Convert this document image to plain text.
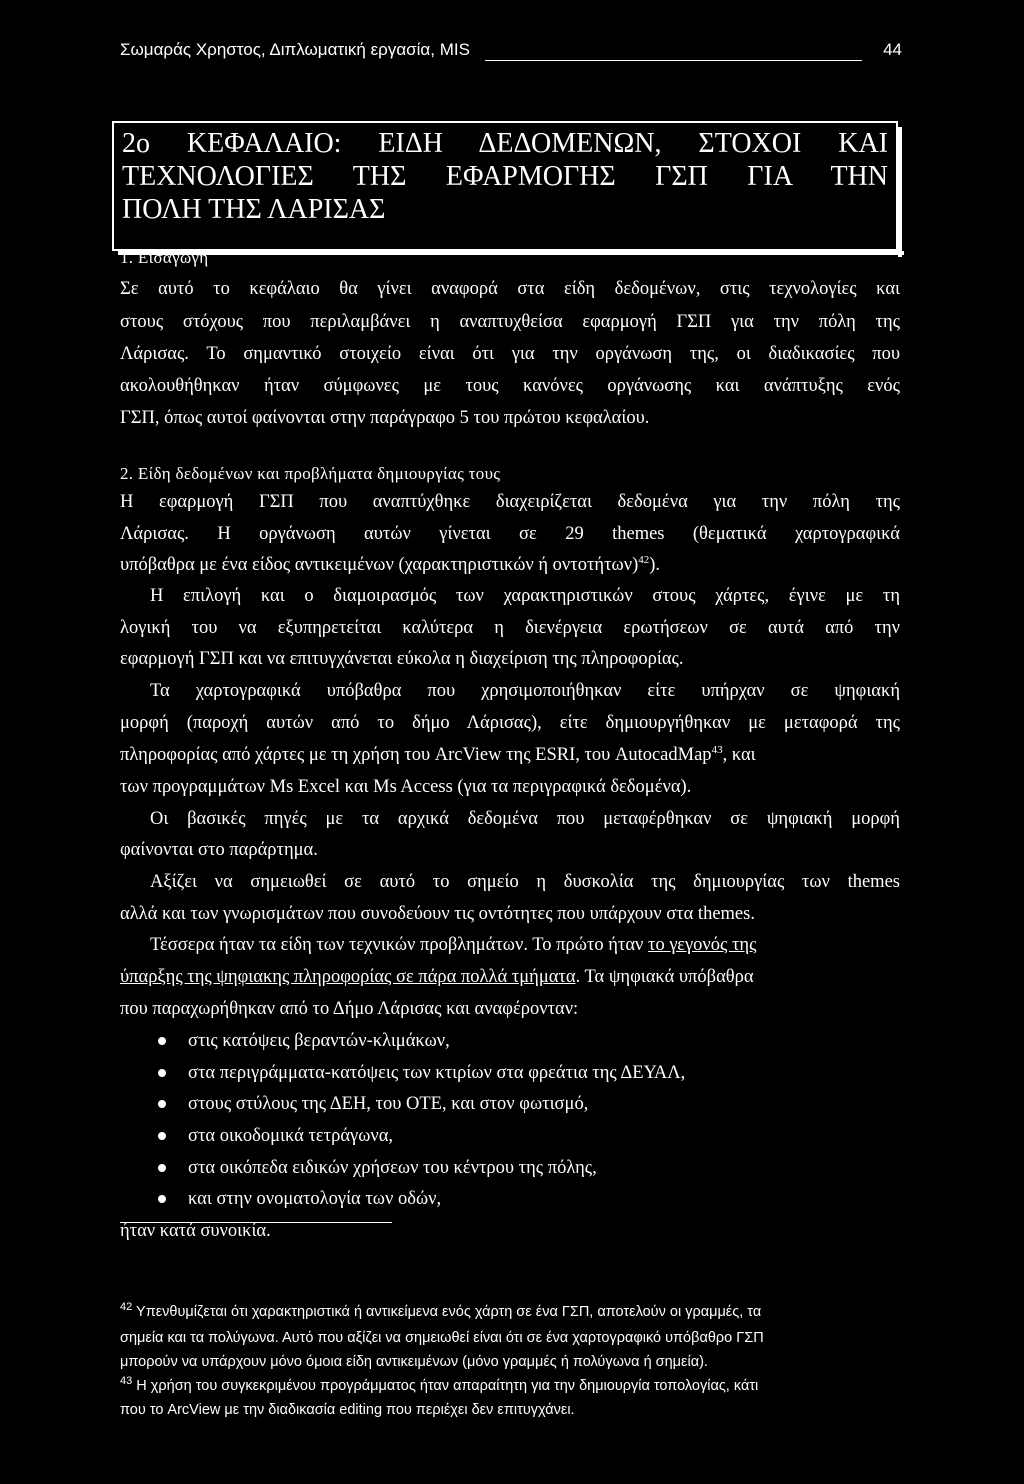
Σωμαράς Χρηστος, Διπλωματική εργασία, MIS	44
2ο ΚΕΦΑΛΑΙΟ: ΕΙΔΗ ΔΕΔΟΜΕΝΩΝ, ΣΤΟΧΟΙ ΚΑΙ
ΤΕΧΝΟΛΟΓΙΕΣ ΤΗΣ ΕΦΑΡΜΟΓΗΣ ΓΣΠ ΓΙΑ ΤΗΝ
ΠΟΛΗ ΤΗΣ ΛΑΡΙΣΑΣ
1. Εισαγωγή
Σε αυτό το κεφάλαιο θα γίνει αναφορά στα είδη δεδομένων, στις τεχνολογίες και
στους στόχους που περιλαμβάνει η αναπτυχθείσα εφαρμογή ΓΣΠ για την πόλη της
Λάρισας. Το σημαντικό στοιχείο είναι ότι για την οργάνωση της, οι διαδικασίες που
ακολουθήθηκαν ήταν σύμφωνες με τους κανόνες οργάνωσης και ανάπτυξης ενός
ΓΣΠ, όπως αυτοί φαίνονται στην παράγραφο 5 του πρώτου κεφαλαίου.
2. Είδη δεδομένων και προβλήματα δημιουργίας τους
Η εφαρμογή ΓΣΠ που αναπτύχθηκε διαχειρίζεται δεδομένα για την πόλη της
Λάρισας. Η οργάνωση αυτών γίνεται σε 29 themes (θεματικά χαρτογραφικά
υπόβαθρα με ένα είδος αντικειμένων (χαρακτηριστικών ή οντοτήτων)$^{42}$).
Η επιλογή και ο διαμοιρασμός των χαρακτηριστικών στους χάρτες, έγινε με τη
λογική του να εξυπηρετείται καλύτερα η διενέργεια ερωτήσεων σε αυτά από την
εφαρμογή ΓΣΠ και να επιτυγχάνεται εύκολα η διαχείριση της πληροφορίας.
Τα χαρτογραφικά υπόβαθρα που χρησιμοποιήθηκαν είτε υπήρχαν σε ψηφιακή
μορφή (παροχή αυτών από το δήμο Λάρισας), είτε δημιουργήθηκαν με μεταφορά της
πληροφορίας από χάρτες με τη χρήση του ArcView της ESRI, του AutocadMap$^{43}$, και
των προγραμμάτων Ms Excel και Ms Access (για τα περιγραφικά δεδομένα).
Οι βασικές πηγές με τα αρχικά δεδομένα που μεταφέρθηκαν σε ψηφιακή μορφή
φαίνονται στο παράρτημα.
Αξίζει να σημειωθεί σε αυτό το σημείο η δυσκολία της δημιουργίας των themes
αλλά και των γνωρισμάτων που συνοδεύουν τις οντότητες που υπάρχουν στα themes.
Τέσσερα ήταν τα είδη των τεχνικών προβλημάτων. Το πρώτο ήταν το γεγονός της
ύπαρξης της ψηφιακης πληροφορίας σε πάρα πολλά τμήματα. Τα ψηφιακά υπόβαθρα
που παραχωρήθηκαν από το Δήμο Λάρισας και αναφέρονταν:
στις κατόψεις βεραντών-κλιμάκων,
στα περιγράμματα-κατόψεις των κτιρίων στα φρεάτια της ΔΕΥΑΛ,
στους στύλους της ΔΕΗ, του ΟΤΕ, και στον φωτισμό,
στα οικοδομικά τετράγωνα,
στα οικόπεδα ειδικών χρήσεων του κέντρου της πόλης,
και στην ονοματολογία των οδών,
ήταν κατά συνοικία.
$^{42}$ Υπενθυμίζεται ότι χαρακτηριστικά ή αντικείμενα ενός χάρτη σε ένα ΓΣΠ, αποτελούν οι γραμμές, τα
σημεία και τα πολύγωνα. Αυτό που αξίζει να σημειωθεί είναι ότι σε ένα χαρτογραφικό υπόβαθρο ΓΣΠ
μπορούν να υπάρχουν μόνο όμοια είδη αντικειμένων (μόνο γραμμές ή πολύγωνα ή σημεία).
$^{43}$ Η χρήση του συγκεκριμένου προγράμματος ήταν απαραίτητη για την δημιουργία τοπολογίας, κάτι
που το ArcView με την διαδικασία editing που περιέχει δεν επιτυγχάνει.
